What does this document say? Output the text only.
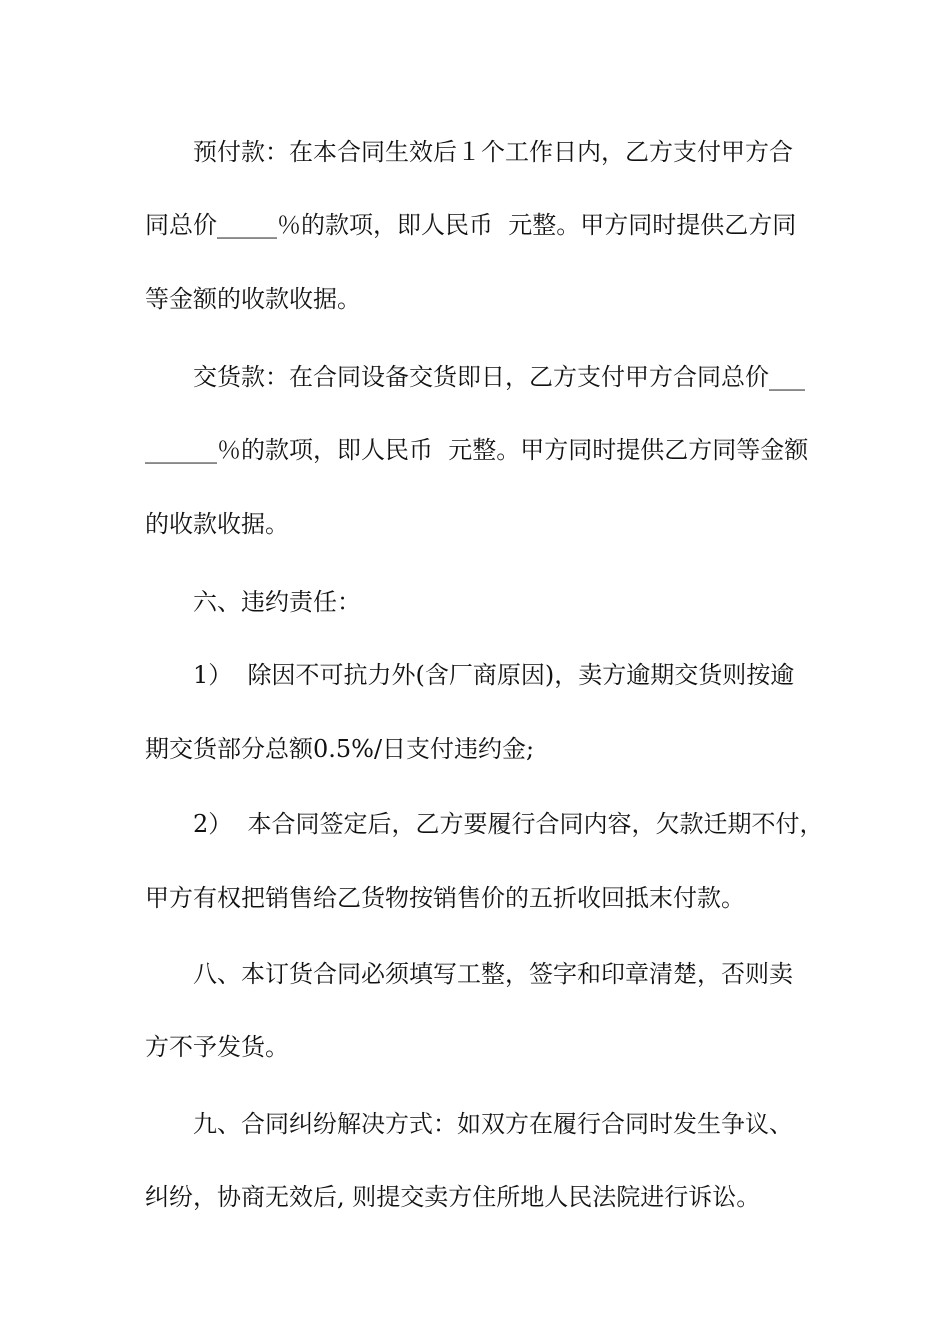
预付款：在本合同生效后１个工作日内，乙方支付甲方合
同总价_____％的款项，即人民币  元整。甲方同时提供乙方同
等金额的收款收据。
交货款：在合同设备交货即日，乙方支付甲方合同总价___
______％的款项，即人民币  元整。甲方同时提供乙方同等金额
的收款收据。
六、违约责任：
1）  除因不可抗力外(含厂商原因)，卖方逾期交货则按逾
期交货部分总额0.5%/日支付违约金;
2）  本合同签定后，乙方要履行合同内容，欠款迁期不付，
甲方有权把销售给乙货物按销售价的五折收回抵末付款。
八、本订货合同必须填写工整，签字和印章清楚，否则卖
方不予发货。
九、合同纠纷解决方式：如双方在履行合同时发生争议、
纠纷，协商无效后, 则提交卖方住所地人民法院进行诉讼。
